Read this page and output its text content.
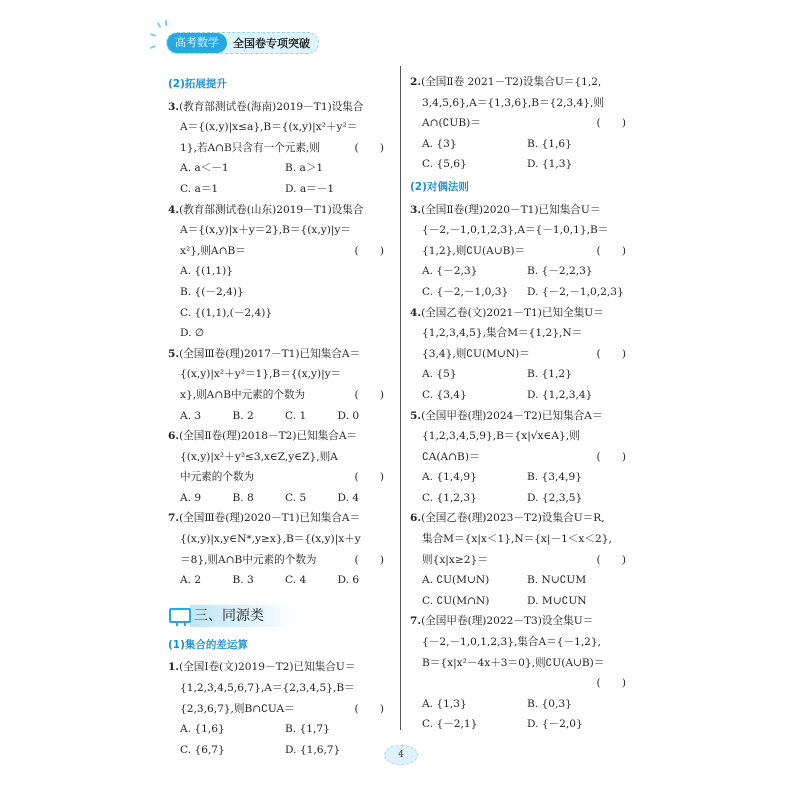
高考数学	全国卷专项突破
(2)拓展提升
3.(教育部测试卷(海南)2019－T1)设集合
A＝{(x,y)|x≤a},B＝{(x,y)|x²＋y²＝
1},若A∩B只含有一个元素,则	(　　)
A. a＜－1	B. a＞1
C. a＝1	D. a＝－1
4.(教育部测试卷(山东)2019－T1)设集合
A＝{(x,y)|x＋y＝2},B＝{(x,y)|y＝
x²},则A∩B＝	(　　)
A. {(1,1)}
B. {(－2,4)}
C. {(1,1),(－2,4)}
D. ∅
5.(全国Ⅲ卷(理)2017－T1)已知集合A＝
{(x,y)|x²＋y²＝1},B＝{(x,y)|y＝
x},则A∩B中元素的个数为	(　　)
A. 3	B. 2	C. 1	D. 0
6.(全国Ⅱ卷(理)2018－T2)已知集合A＝
{(x,y)|x²＋y²≤3,x∈Z,y∈Z},则A
中元素的个数为	(　　)
A. 9	B. 8	C. 5	D. 4
7.(全国Ⅲ卷(理)2020－T1)已知集合A＝
{(x,y)|x,y∈N*,y≥x},B＝{(x,y)|x＋y
＝8},则A∩B中元素的个数为	(　　)
A. 2	B. 3	C. 4	D. 6
三、同源类
(1)集合的差运算
1.(全国Ⅰ卷(文)2019－T2)已知集合U＝
{1,2,3,4,5,6,7},A＝{2,3,4,5},B＝
{2,3,6,7},则B∩∁UA＝	(　　)
A. {1,6}	B. {1,7}
C. {6,7}	D. {1,6,7}
2.(全国Ⅱ卷 2021－T2)设集合U＝{1,2,
3,4,5,6},A＝{1,3,6},B＝{2,3,4},则
A∩(∁UB)＝	(　　)
A. {3}	B. {1,6}
C. {5,6}	D. {1,3}
(2)对偶法则
3.(全国Ⅱ卷(理)2020－T1)已知集合U＝
{－2,－1,0,1,2,3},A＝{－1,0,1},B＝
{1,2},则∁U(A∪B)＝	(　　)
A. {－2,3}	B. {－2,2,3}
C. {－2,－1,0,3}	D. {－2,－1,0,2,3}
4.(全国乙卷(文)2021－T1)已知全集U＝
{1,2,3,4,5},集合M＝{1,2},N＝
{3,4},则∁U(M∪N)＝	(　　)
A. {5}	B. {1,2}
C. {3,4}	D. {1,2,3,4}
5.(全国甲卷(理)2024－T2)已知集合A＝
{1,2,3,4,5,9},B＝{x|√x∈A},则
∁A(A∩B)＝	(　　)
A. {1,4,9}	B. {3,4,9}
C. {1,2,3}	D. {2,3,5}
6.(全国乙卷(理)2023－T2)设集合U＝R,
集合M＝{x|x＜1},N＝{x|－1＜x＜2},
则{x|x≥2}＝	(　　)
A. ∁U(M∪N)	B. N∪∁UM
C. ∁U(M∩N)	D. M∪∁UN
7.(全国甲卷(理)2022－T3)设全集U＝
{－2,－1,0,1,2,3},集合A＝{－1,2},
B＝{x|x²－4x＋3＝0},则∁U(A∪B)＝
(　　)
A. {1,3}	B. {0,3}
C. {－2,1}	D. {－2,0}
4
